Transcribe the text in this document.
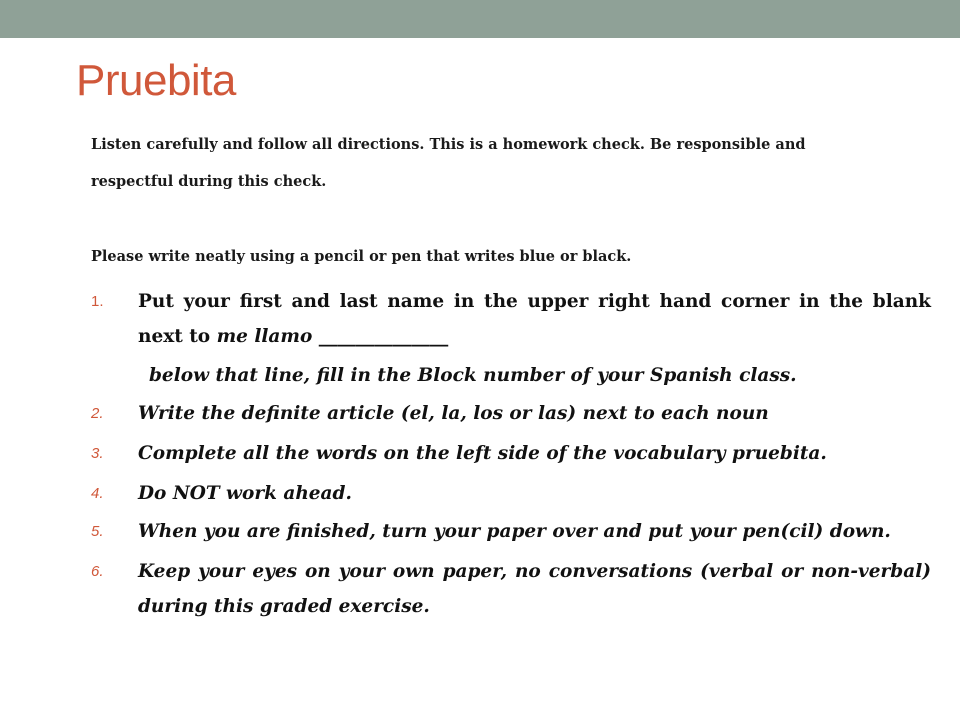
Pruebita
Listen carefully and follow all directions. This is a homework check. Be responsible and
respectful during this check.
Please write neatly using a pencil or pen that writes blue or black.
1. Put your first and last name in the upper right hand corner in the blank next to me llamo ______________
below that line, fill in the Block number of your Spanish class.
2. Write the definite article (el, la, los or las) next to each noun
3. Complete all the words on the left side of the vocabulary pruebita.
4. Do NOT work ahead.
5. When you are finished, turn your paper over and put your pen(cil) down.
6. Keep your eyes on your own paper, no conversations (verbal or non-verbal) during this graded exercise.
